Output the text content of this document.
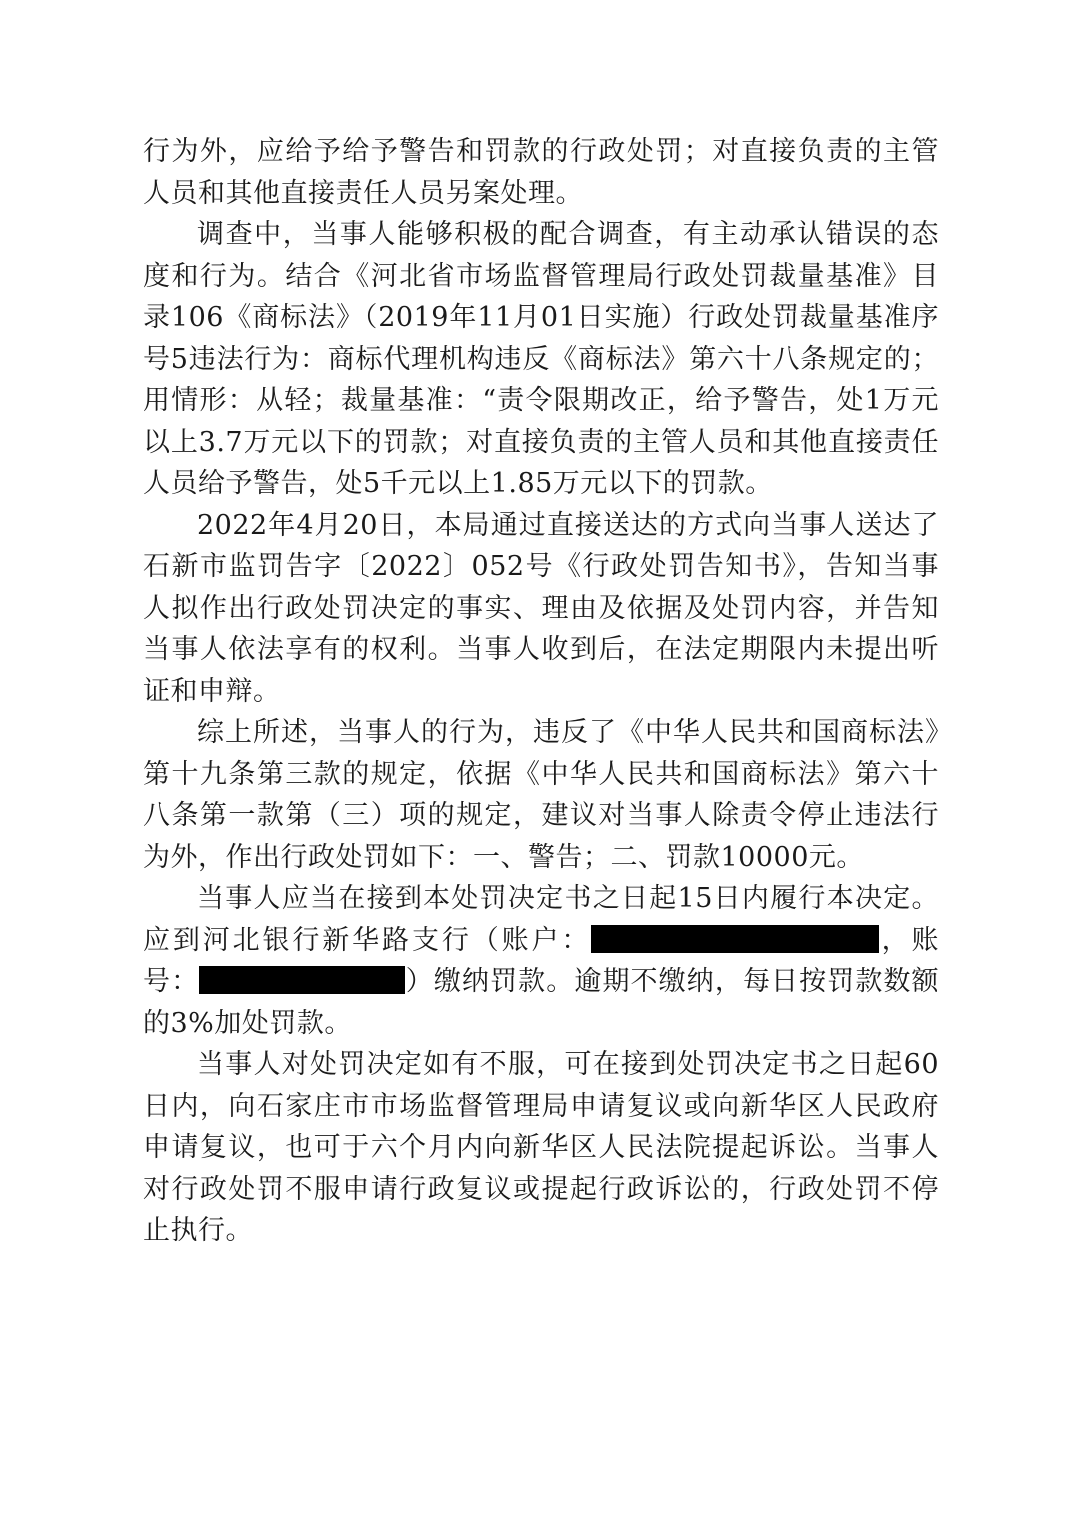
行为外，应给予给予警告和罚款的行政处罚；对直接负责的主管人员和其他直接责任人员另案处理。

调查中，当事人能够积极的配合调查，有主动承认错误的态度和行为。结合《河北省市场监督管理局行政处罚裁量基准》目录106《商标法》（2019年11月01日实施）行政处罚裁量基准序号5违法行为：商标代理机构违反《商标法》第六十八条规定的；用情形：从轻；裁量基准：“责令限期改正，给予警告，处1万元以上3.7万元以下的罚款；对直接负责的主管人员和其他直接责任人员给予警告，处5千元以上1.85万元以下的罚款。

2022年4月20日，本局通过直接送达的方式向当事人送达了石新市监罚告字〔2022〕052号《行政处罚告知书》，告知当事人拟作出行政处罚决定的事实、理由及依据及处罚内容，并告知当事人依法享有的权利。当事人收到后，在法定期限内未提出听证和申辩。

综上所述，当事人的行为，违反了《中华人民共和国商标法》第十九条第三款的规定，依据《中华人民共和国商标法》第六十八条第一款第（三）项的规定，建议对当事人除责令停止违法行为外，作出行政处罚如下：一、警告；二、罚款10000元。

当事人应当在接到本处罚决定书之日起15日内履行本决定。应到河北银行新华路支行（账户：	，账号：	）缴纳罚款。逾期不缴纳，每日按罚款数额的3%加处罚款。

当事人对处罚决定如有不服，可在接到处罚决定书之日起60日内，向石家庄市市场监督管理局申请复议或向新华区人民政府申请复议，也可于六个月内向新华区人民法院提起诉讼。当事人对行政处罚不服申请行政复议或提起行政诉讼的，行政处罚不停止执行。
